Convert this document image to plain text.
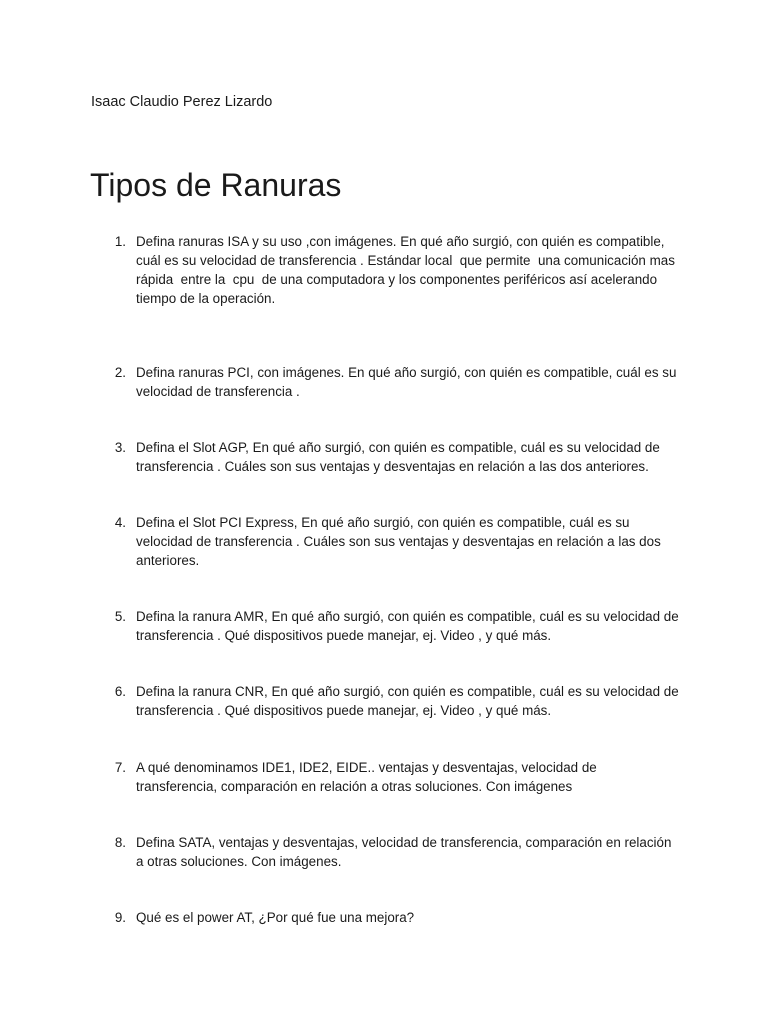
Isaac Claudio Perez Lizardo
Tipos de Ranuras
1. Defina ranuras ISA y su uso ,con imágenes. En qué año surgió, con quién es compatible, cuál es su velocidad de transferencia . Estándar local  que permite  una comunicación mas rápida  entre la  cpu  de una computadora y los componentes periféricos así acelerando tiempo de la operación.
2. Defina ranuras PCI, con imágenes. En qué año surgió, con quién es compatible, cuál es su velocidad de transferencia .
3. Defina el Slot AGP, En qué año surgió, con quién es compatible, cuál es su velocidad de transferencia . Cuáles son sus ventajas y desventajas en relación a las dos anteriores.
4. Defina el Slot PCI Express, En qué año surgió, con quién es compatible, cuál es su velocidad de transferencia . Cuáles son sus ventajas y desventajas en relación a las dos anteriores.
5. Defina la ranura AMR, En qué año surgió, con quién es compatible, cuál es su velocidad de transferencia . Qué dispositivos puede manejar, ej. Video , y qué más.
6. Defina la ranura CNR, En qué año surgió, con quién es compatible, cuál es su velocidad de transferencia . Qué dispositivos puede manejar, ej. Video , y qué más.
7. A qué denominamos IDE1, IDE2, EIDE.. ventajas y desventajas, velocidad de transferencia, comparación en relación a otras soluciones. Con imágenes
8. Defina SATA, ventajas y desventajas, velocidad de transferencia, comparación en relación a otras soluciones. Con imágenes.
9. Qué es el power AT, ¿Por qué fue una mejora?
